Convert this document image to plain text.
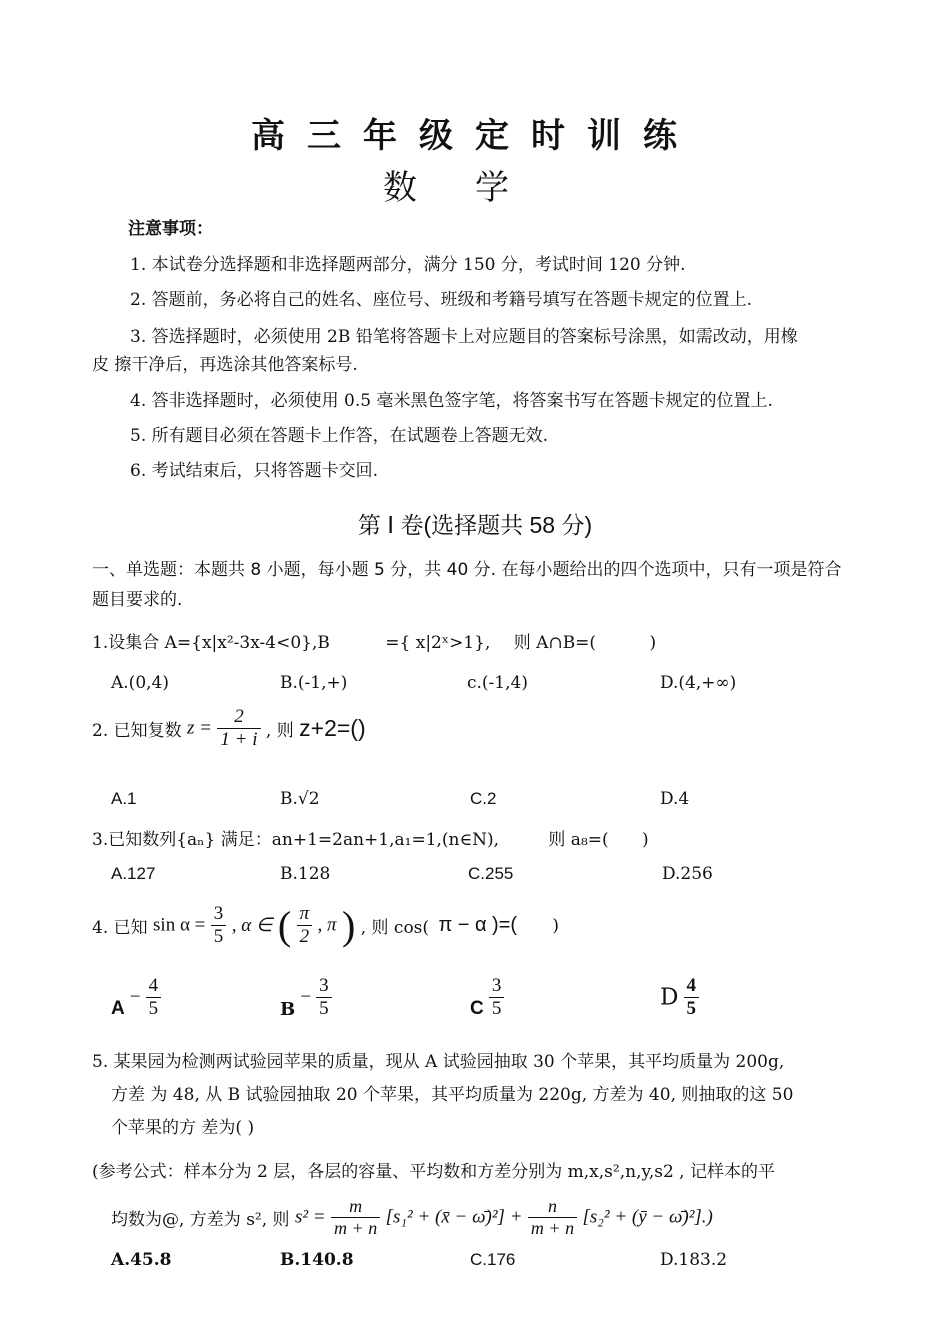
高三年级定时训练
数学
注意事项：
1. 本试卷分选择题和非选择题两部分，满分 150 分，考试时间 120 分钟.
2. 答题前，务必将自己的姓名、座位号、班级和考籍号填写在答题卡规定的位置上.
3. 答选择题时，必须使用 2B 铅笔将答题卡上对应题目的答案标号涂黑，如需改动，用橡
皮 擦干净后，再选涂其他答案标号.
4. 答非选择题时，必须使用 0.5 毫米黑色签字笔，将答案书写在答题卡规定的位置上.
5. 所有题目必须在答题卡上作答，在试题卷上答题无效.
6. 考试结束后，只将答题卡交回.
第 Ⅰ 卷(选择题共 58 分)
一、单选题：本题共 8 小题，每小题 5 分，共 40 分. 在每小题给出的四个选项中，只有一项是符合 题目要求的.
1.设集合 A={x|x²-3x-4<0},B	={ x|2ˣ>1}, 则 A∩B=(	)
A.(0,4)	B.(-1,+)	c.(-1,4)	D.(4,+∞)
2. 已知复数 $z = \frac{2}{1 + i}$ , 则 z+2=()
A.1	B.√2	C.2	D.4
3.已知数列{aₙ} 满足：an+1=2an+1,a₁=1,(n∈N),	则 a₈=( )
A.127	B.128	C.255	D.256
4. 已知 $\sin \alpha = \frac{3}{5}$ , α ∈ ( $\frac{\pi}{2}$ , π ) , 则 cos( π − α )=( )
$A - \frac{4}{5}$	$B - \frac{3}{5}$	C $\frac{3}{5}$	D $\frac{4}{5}$
5. 某果园为检测两试验园苹果的质量，现从 A 试验园抽取 30 个苹果，其平均质量为 200g,
方差 为 48, 从 B 试验园抽取 20 个苹果，其平均质量为 220g, 方差为 40, 则抽取的这 50
个苹果的方 差为( )
(参考公式：样本分为 2 层，各层的容量、平均数和方差分别为 m,x,s²,n,y,s2 , 记样本的平
均数为@, 方差为 s², 则 $s^2 = \frac{m}{m + n} [s_1^2$ + (x̄ − ω̄)²] + $\frac{n}{m + n} [s_2^2$ + (ȳ − ω̄)²].)
A.45.8	B.140.8	C.176	D.183.2
